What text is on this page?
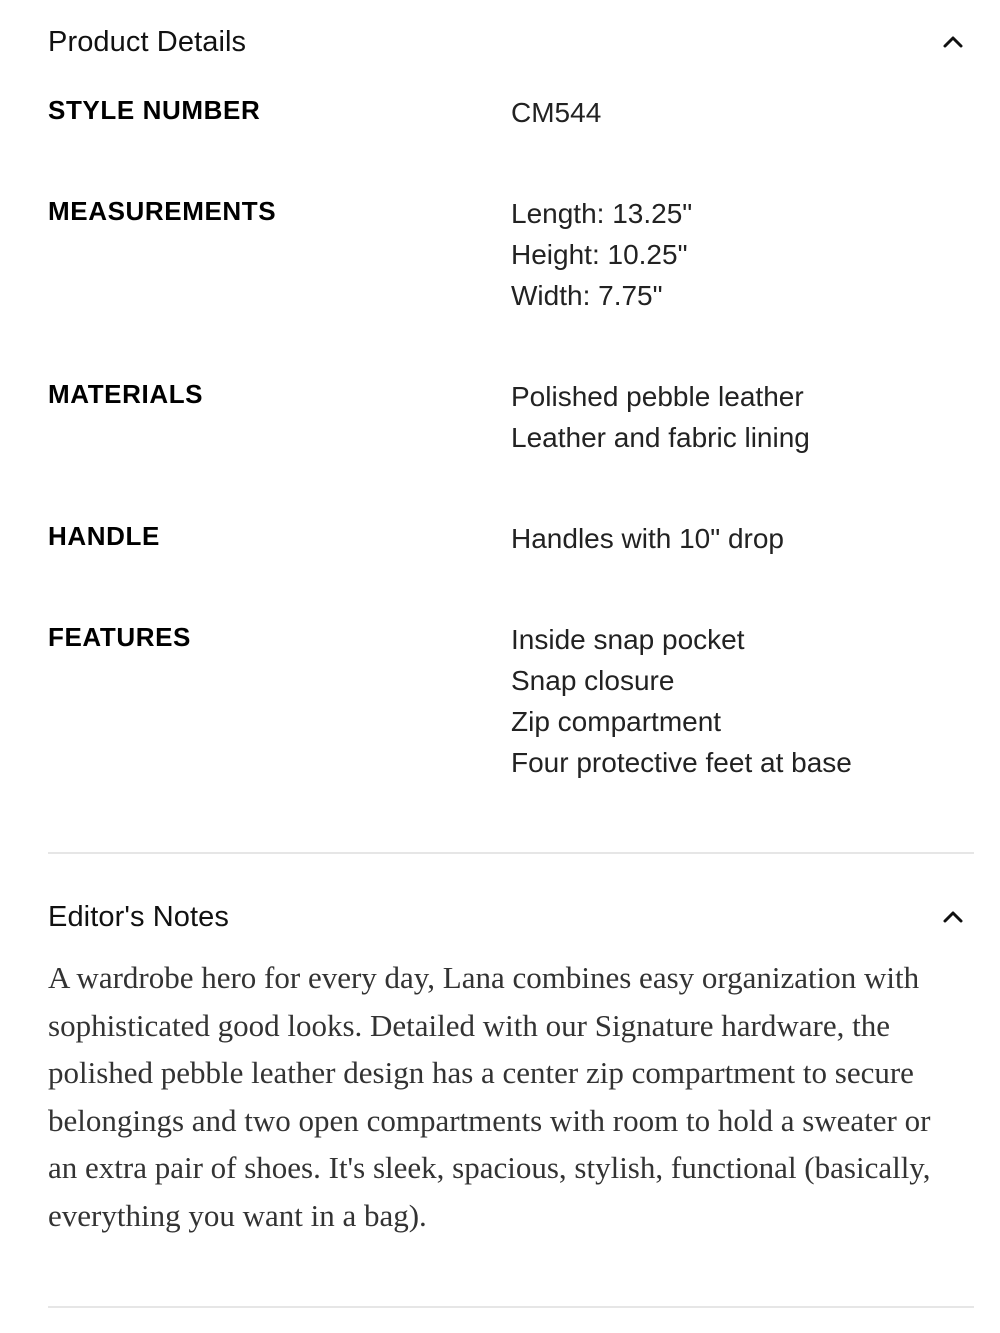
Product Details
STYLE NUMBER	CM544
MEASUREMENTS	Length: 13.25"
Height: 10.25"
Width: 7.75"
MATERIALS	Polished pebble leather
Leather and fabric lining
HANDLE	Handles with 10" drop
FEATURES	Inside snap pocket
Snap closure
Zip compartment
Four protective feet at base
Editor's Notes

A wardrobe hero for every day, Lana combines easy organization with sophisticated good looks. Detailed with our Signature hardware, the polished pebble leather design has a center zip compartment to secure belongings and two open compartments with room to hold a sweater or an extra pair of shoes. It's sleek, spacious, stylish, functional (basically, everything you want in a bag).
